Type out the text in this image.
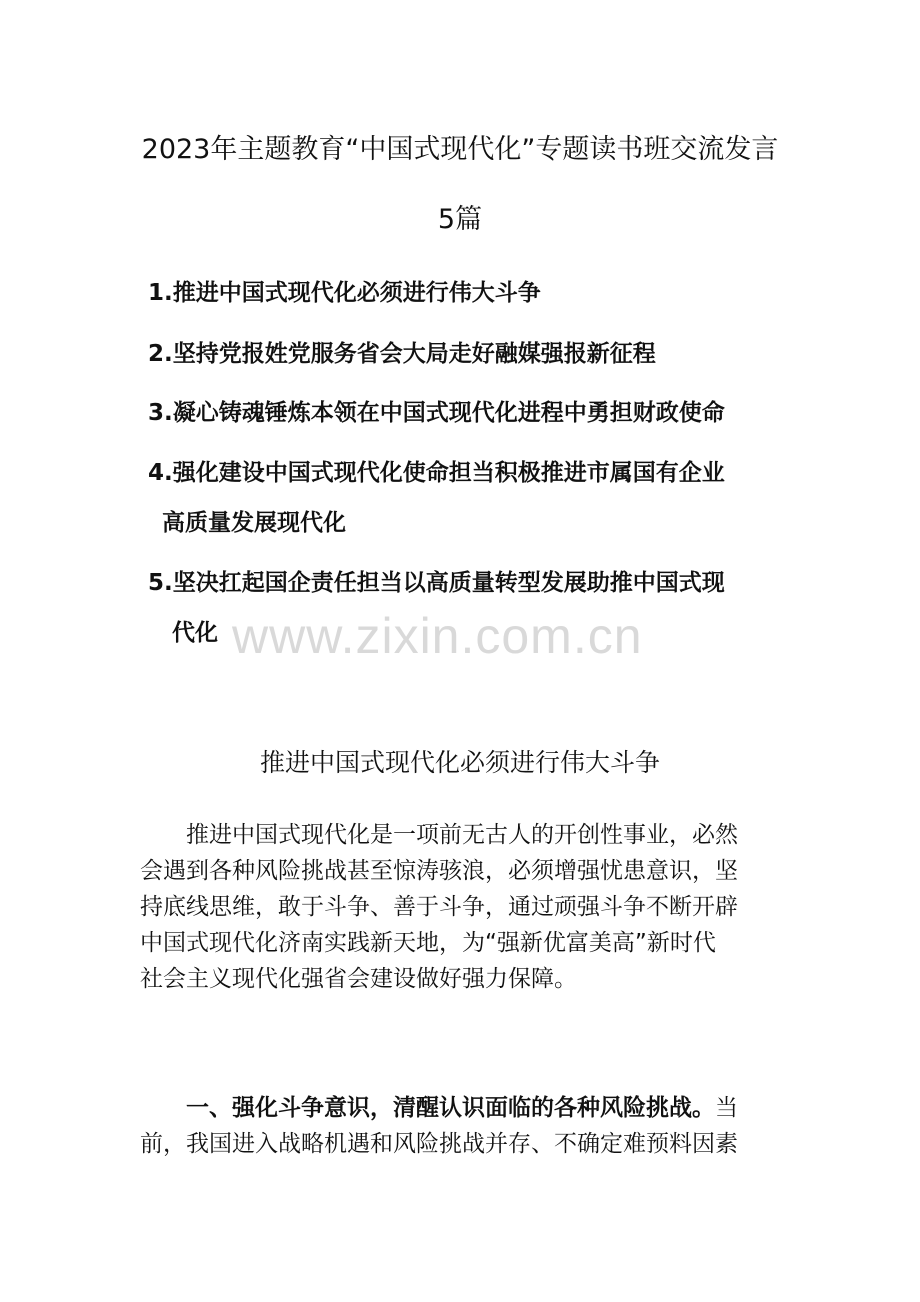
2023年主题教育“中国式现代化”专题读书班交流发言
5篇
1.推进中国式现代化必须进行伟大斗争
2.坚持党报姓党服务省会大局走好融媒强报新征程
3.凝心铸魂锤炼本领在中国式现代化进程中勇担财政使命
4.强化建设中国式现代化使命担当积极推进市属国有企业
高质量发展现代化
5.坚决扛起国企责任担当以高质量转型发展助推中国式现
代化 www.zixin.com.cn
推进中国式现代化必须进行伟大斗争
推进中国式现代化是一项前无古人的开创性事业，必然
会遇到各种风险挑战甚至惊涛骇浪，必须增强忧患意识，坚
持底线思维，敢于斗争、善于斗争，通过顽强斗争不断开辟
中国式现代化济南实践新天地，为“强新优富美高”新时代
社会主义现代化强省会建设做好强力保障。
一、强化斗争意识，清醒认识面临的各种风险挑战。当
前，我国进入战略机遇和风险挑战并存、不确定难预料因素
